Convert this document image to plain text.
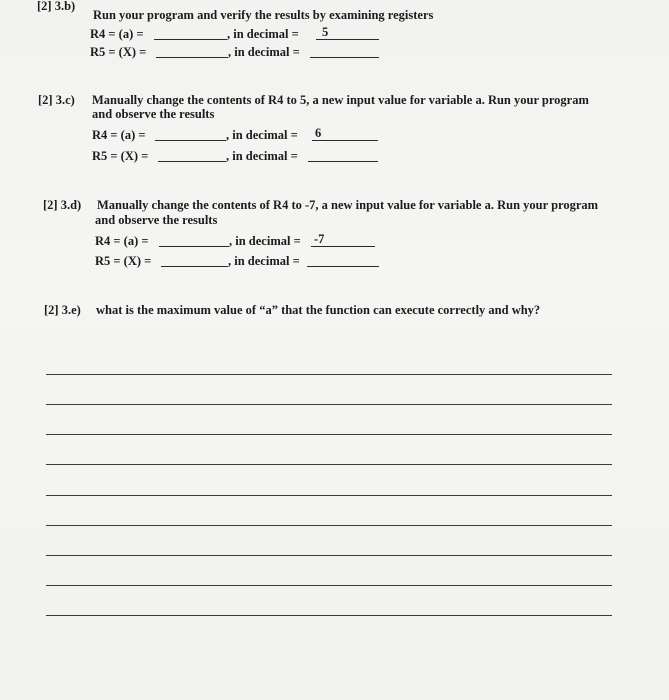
[2] 3.b)
Run your program and verify the results by examining registers
R4 = (a) =	, in decimal = 5
R5 = (X) =	, in decimal =
[2] 3.c) Manually change the contents of R4 to 5, a new input value for variable a. Run your program
and observe the results
R4 = (a) =	, in decimal = 6
R5 = (X) =	, in decimal =
[2] 3.d) Manually change the contents of R4 to -7, a new input value for variable a. Run your program
and observe the results
R4 = (a) =	, in decimal = -7
R5 = (X) =	, in decimal =
[2] 3.e) what is the maximum value of “a” that the function can execute correctly and why?
